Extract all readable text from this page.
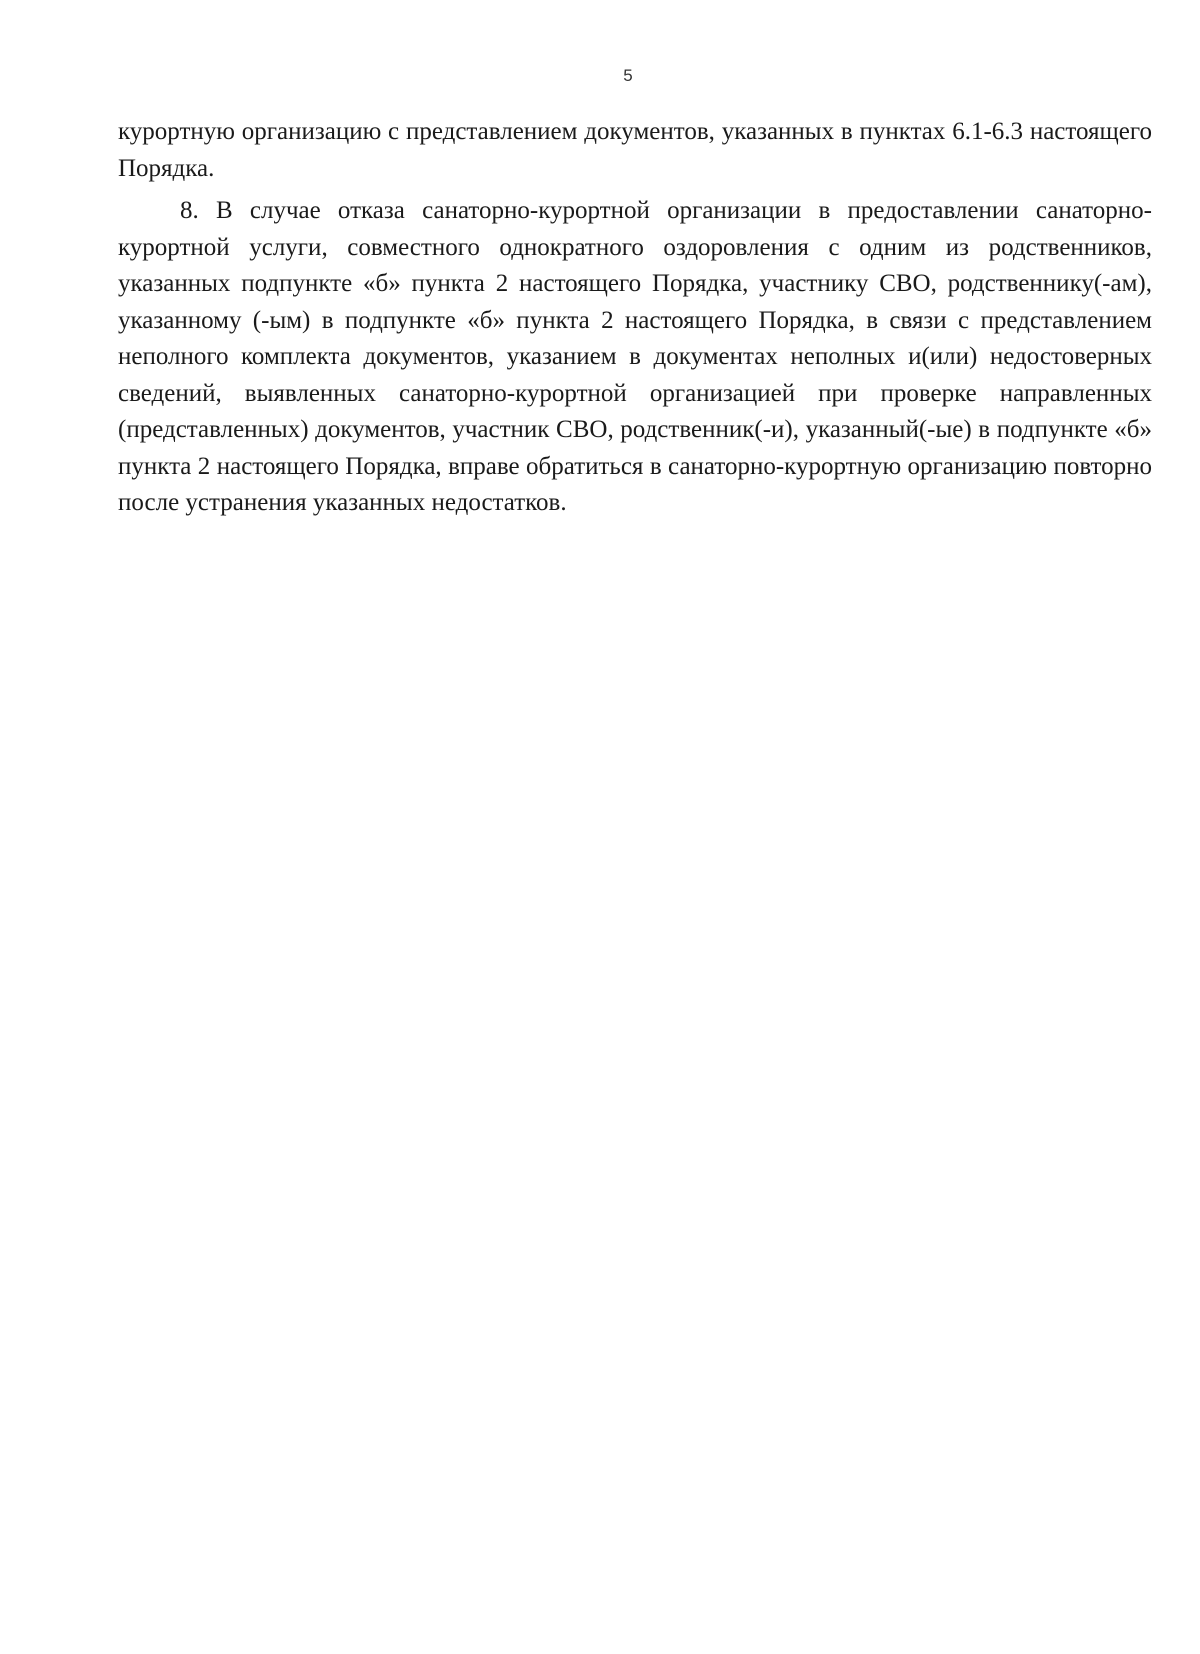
5

курортную организацию с представлением документов, указанных в пунктах 6.1-6.3 настоящего Порядка.

8. В случае отказа санаторно-курортной организации в предоставлении санаторно-курортной услуги, совместного однократного оздоровления с одним из родственников, указанных подпункте «б» пункта 2 настоящего Порядка, участнику СВО, родственнику(-ам), указанному (-ым) в подпункте «б» пункта 2 настоящего Порядка, в связи с представлением неполного комплекта документов, указанием в документах неполных и(или) недостоверных сведений, выявленных санаторно-курортной организацией при проверке направленных (представленных) документов, участник СВО, родственник(-и), указанный(-ые) в подпункте «б» пункта 2 настоящего Порядка, вправе обратиться в санаторно-курортную организацию повторно после устранения указанных недостатков.
